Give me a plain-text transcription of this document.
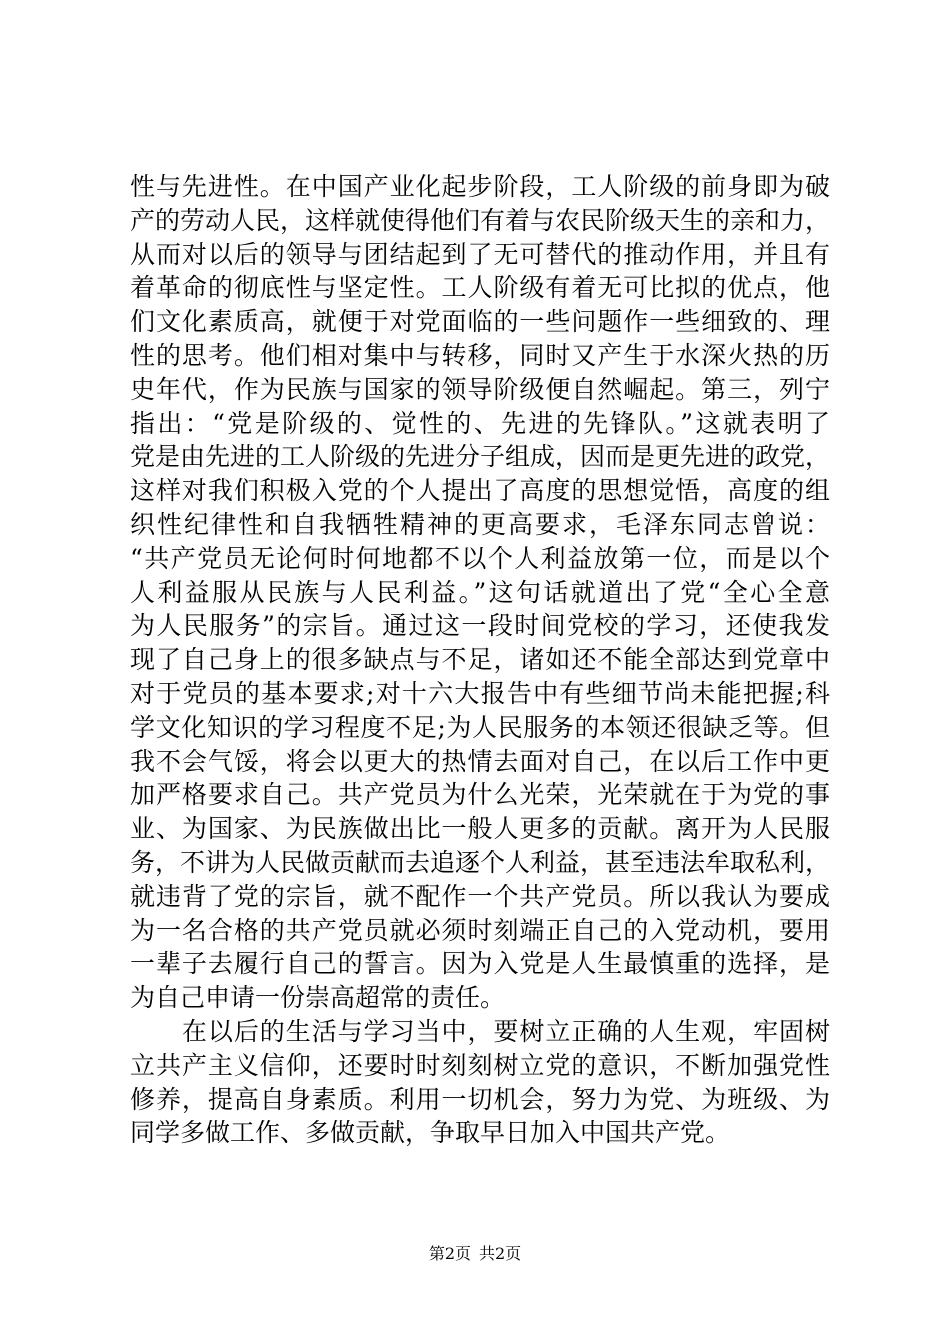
性与先进性。在中国产业化起步阶段，工人阶级的前身即为破
产的劳动人民，这样就使得他们有着与农民阶级天生的亲和力，
从而对以后的领导与团结起到了无可替代的推动作用，并且有
着革命的彻底性与坚定性。工人阶级有着无可比拟的优点，他
们文化素质高，就便于对党面临的一些问题作一些细致的、理
性的思考。他们相对集中与转移，同时又产生于水深火热的历
史年代，作为民族与国家的领导阶级便自然崛起。第三，列宁
指出：“党是阶级的、觉性的、先进的先锋队。”这就表明了
党是由先进的工人阶级的先进分子组成，因而是更先进的政党，
这样对我们积极入党的个人提出了高度的思想觉悟，高度的组
织性纪律性和自我牺牲精神的更高要求，毛泽东同志曾说：
“共产党员无论何时何地都不以个人利益放第一位，而是以个
人利益服从民族与人民利益。”这句话就道出了党“全心全意
为人民服务”的宗旨。通过这一段时间党校的学习，还使我发
现了自己身上的很多缺点与不足，诸如还不能全部达到党章中
对于党员的基本要求;对十六大报告中有些细节尚未能把握;科
学文化知识的学习程度不足;为人民服务的本领还很缺乏等。但
我不会气馁，将会以更大的热情去面对自己，在以后工作中更
加严格要求自己。共产党员为什么光荣，光荣就在于为党的事
业、为国家、为民族做出比一般人更多的贡献。离开为人民服
务，不讲为人民做贡献而去追逐个人利益，甚至违法牟取私利，
就违背了党的宗旨，就不配作一个共产党员。所以我认为要成
为一名合格的共产党员就必须时刻端正自己的入党动机，要用
一辈子去履行自己的誓言。因为入党是人生最慎重的选择，是
为自己申请一份崇高超常的责任。
　　在以后的生活与学习当中，要树立正确的人生观，牢固树
立共产主义信仰，还要时时刻刻树立党的意识，不断加强党性
修养，提高自身素质。利用一切机会，努力为党、为班级、为
同学多做工作、多做贡献，争取早日加入中国共产党。
第2页 共2页
